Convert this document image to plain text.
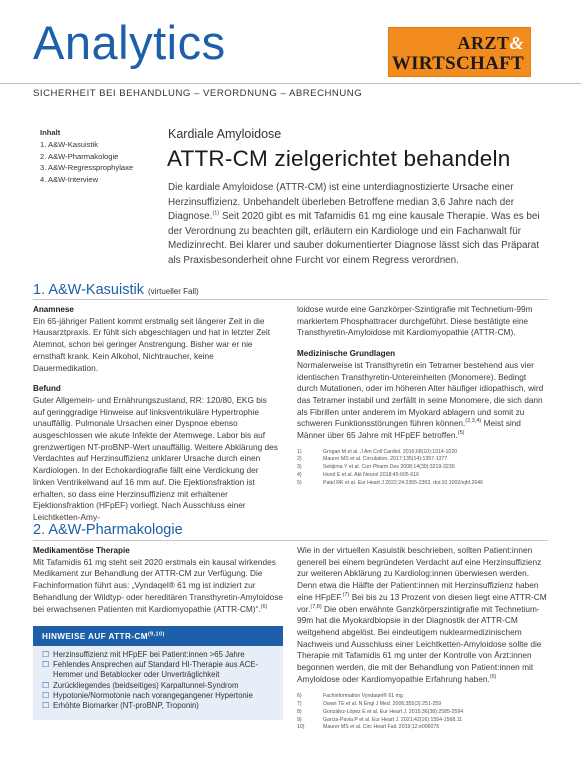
Analytics
SICHERHEIT BEI BEHANDLUNG – VERORDNUNG – ABRECHNUNG
ARZT&
WIRTSCHAFT
Inhalt
1. A&W-Kasuistik
2. A&W-Pharmakologie
3. A&W-Regressprophylaxe
4. A&W-Interview
Kardiale Amyloidose
ATTR-CM zielgerichtet behandeln
Die kardiale Amyloidose (ATTR-CM) ist eine unterdiagnostizierte Ursache einer Herzinsuffizienz. Unbehandelt überleben Betroffene median 3,6 Jahre nach der Diagnose.$^{(1)}$ Seit 2020 gibt es mit Tafamidis 61 mg eine kausale Therapie. Was es bei der Verordnung zu beachten gilt, erläutern ein Kardiologe und ein Fachanwalt für Medizinrecht. Bei klarer und sauber dokumentierter Diagnose lässt sich das Präparat als Praxisbesonderheit ohne Furcht vor einem Regress verordnen.
1. A&W-Kasuistik (virtueller Fall)

Anamnese

Ein 65-jähriger Patient kommt erstmalig seit längerer Zeit in die Hausarztpraxis. Er fühlt sich abgeschlagen und hat in letzter Zeit Atemnot, schon bei geringer Anstrengung. Bisher war er nie ernsthaft krank. Kein Alkohol, Nichtraucher, keine Dauermedikation.

Befund

Guter Allgemein- und Ernährungszustand, RR: 120/80, EKG bis auf geringgradige Hinweise auf linksventrikuläre Hypertrophie unauffällig. Pulmonale Ursachen einer Dyspnoe ebenso ausgeschlossen wie akute Infekte der Atemwege. Labor bis auf grenzwertigen NT-proBNP-Wert unauffällig. Weitere Abklärung des Verdachtes auf Herzinsuffizienz unklarer Ursache durch einen Kardiologen. In der Echokardiografie fällt eine Verdickung der linken Ventrikelwand auf 16 mm auf. Die Ejektionsfraktion ist erhalten, so dass eine Herzinsuffizienz mit erhaltener Ejektionsfraktion (HFpEF) vorliegt. Nach Ausschluss einer Leichtketten-Amy-

loidose wurde eine Ganzkörper-Szintigrafie mit Technetium-99m markiertem Phosphattracer durchgeführt. Diese bestätigte eine Transthyretin-Amyloidose mit Kardiomyopathie (ATTR-CM).

Medizinische Grundlagen

Normalerweise ist Transthyretin ein Tetramer bestehend aus vier identischen Transthyretin-Untereinheiten (Monomere). Bedingt durch Mutationen, oder im höheren Alter häufiger idiopathisch, wird das Tetramer instabil und zerfällt in seine Monomere, die sich dann als Fibrillen unter anderem im Myokard ablagern und somit zu schweren Funktionsstörungen führen können.$^{(2,3,4)}$ Meist sind Männer über 65 Jahre mit HFpEF betroffen.$^{(5)}$

1)	Grogan M et al. J Am Coll Cardiol. 2016;68(10):1014-1020
2)	Maurer MS et al. Circulation. 2017;135(14):1357-1377
3)	Sekijima Y et al. Curr Pharm Des 2008;14(30):3219-3230
4)	Hund E et al. Akt Neurol 2018;45:605-616
5)	Patel RK et al. Eur Heart J 2022;24:2355-2363, doi:10.1002/ejhf.2646
2. A&W-Pharmakologie

Medikamentöse Therapie

Mit Tafamidis 61 mg steht seit 2020 erstmals ein kausal wirkendes Medikament zur Behandlung der ATTR-CM zur Verfügung. Die Fachinformation führt aus: „Vyndaqel® 61 mg ist indiziert zur Behandlung der Wildtyp- oder hereditären Transthyretin-Amyloidose bei erwachsenen Patienten mit Kardiomyopathie (ATTR-CM)“.$^{(6)}$

HINWEISE AUF ATTR-CM$^{(9,10)}$
☐ Herzinsuffizienz mit HFpEF bei Patient:innen >65 Jahre
☐ Fehlendes Ansprechen auf Standard HI-Therapie aus ACE-Hemmer und Betablocker oder Unverträglichkeit
☐ Zurückliegendes (beidseitiges) Karpaltunnel-Syndrom
☐ Hypotonie/Normotonie nach vorangegangener Hypertonie
☐ Erhöhte Biomarker (NT-proBNP, Troponin)

Wie in der virtuellen Kasuistik beschrieben, sollten Patient:innen generell bei einem begründeten Verdacht auf eine Herzinsuffizienz zur weiteren Abklärung zu Kardiolog:innen überwiesen werden. Denn etwa die Hälfte der Patient:innen mit Herzinsuffizienz haben eine HFpEF.$^{(7)}$ Bei bis zu 13 Prozent von diesen liegt eine ATTR-CM vor.$^{(7,8)}$ Die oben erwähnte Ganzkörperszintigrafie mit Technetium-99m hat die Myokardbiopsie in der Diagnostik der ATTR-CM weitgehend abgelöst. Bei eindeutigem nuklearmedizinischem Nachweis und Ausschluss einer Leichtketten-Amyloidose sollte die Therapie mit Tafamidis 61 mg unter der Kontrolle von Ärzt:innen begonnen werden, die mit der Behandlung von Patient:innen mit Amyloidose oder Kardiomyopathie Erfahrung haben.$^{(6)}$

6)	Fachinformation Vyndaqel® 61 mg
7)	Owan TE et al. N Engl J Med. 2006;355(3):251-259
8)	González-López E et al. Eur Heart J. 2015;36(38):2585-2594
9)	Garcia-Pavia P et al. Eur Heart J. 2021;42(16):1554-1568.11
10)	Maurer MS et al. Circ Heart Fail. 2019;12:e006075
